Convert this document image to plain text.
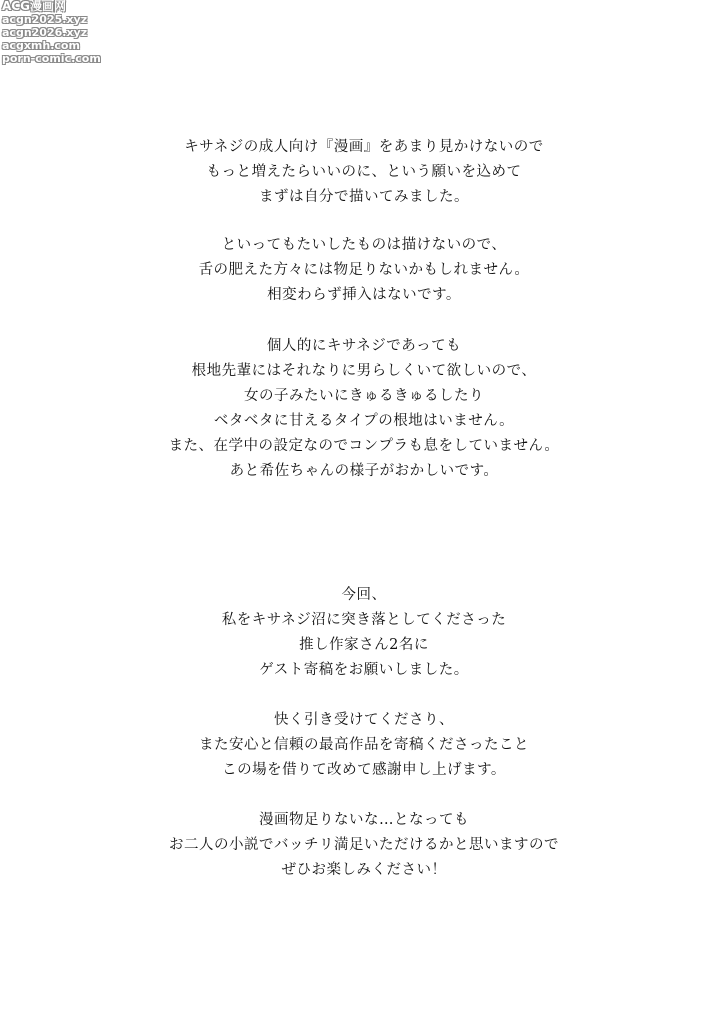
ACG漫画网
acgn2025.xyz
acgn2026.xyz
acgxmh.com
porn-comic.com
キサネジの成人向け『漫画』をあまり見かけないので
もっと増えたらいいのに、という願いを込めて
まずは自分で描いてみました。
といってもたいしたものは描けないので、
舌の肥えた方々には物足りないかもしれません。
相変わらず挿入はないです。
個人的にキサネジであっても
根地先輩にはそれなりに男らしくいて欲しいので、
女の子みたいにきゅるきゅるしたり
ベタベタに甘えるタイプの根地はいません。
また、在学中の設定なのでコンプラも息をしていません。
あと希佐ちゃんの様子がおかしいです。
今回、
私をキサネジ沼に突き落としてくださった
推し作家さん2名に
ゲスト寄稿をお願いしました。
快く引き受けてくださり、
また安心と信頼の最高作品を寄稿くださったこと
この場を借りて改めて感謝申し上げます。
漫画物足りないな…となっても
お二人の小説でバッチリ満足いただけるかと思いますので
ぜひお楽しみください！
